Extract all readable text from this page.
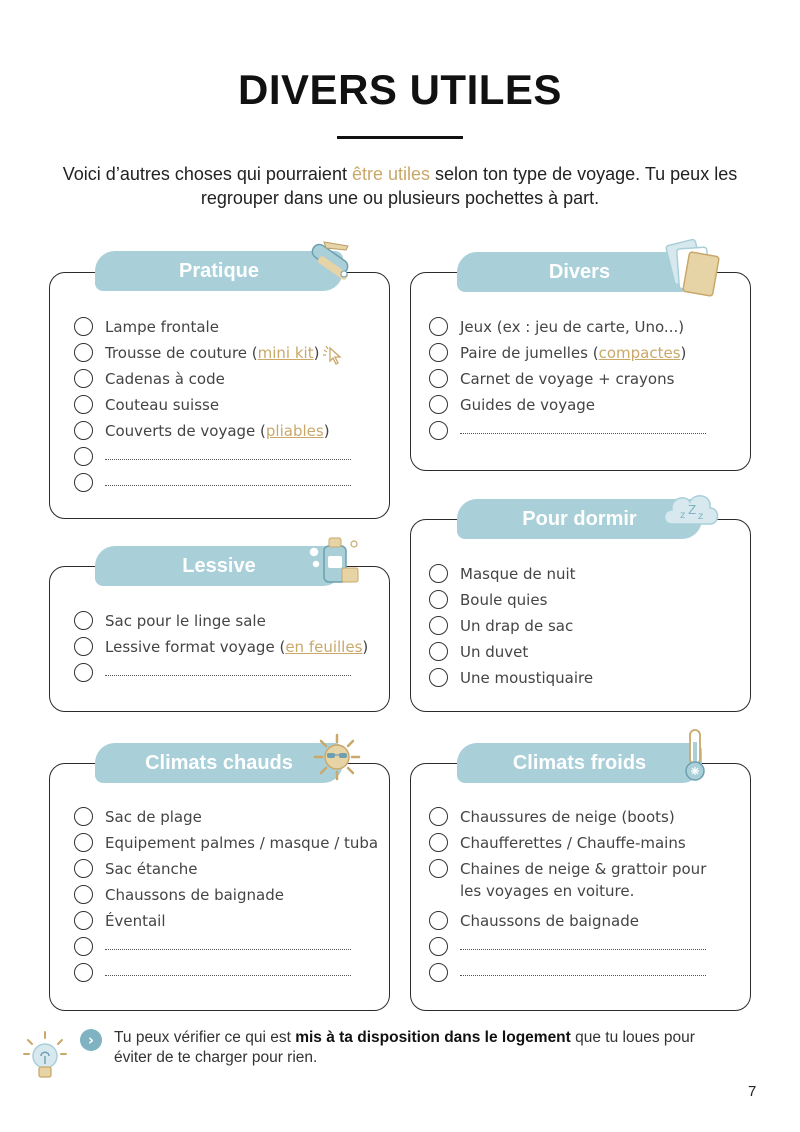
DIVERS UTILES
Voici d’autres choses qui pourraient être utiles selon ton type de voyage. Tu peux les regrouper dans une ou plusieurs pochettes à part.
Pratique
Lampe frontale
Trousse de couture (mini kit)
Cadenas à code
Couteau suisse
Couverts de voyage (pliables)
Divers
Jeux (ex : jeu de carte, Uno...)
Paire de jumelles (compactes)
Carnet de voyage + crayons
Guides de voyage
Pour dormir	z Z z
Masque de nuit
Boule quies
Un drap de sac
Un duvet
Une moustiquaire
Lessive
Sac pour le linge sale
Lessive format voyage (en feuilles)
Climats chauds
Sac de plage
Equipement palmes / masque / tuba
Sac étanche
Chaussons de baignade
Éventail
Climats froids
Chaussures de neige (boots)
Chaufferettes / Chauffe-mains
Chaines de neige & grattoir pour les voyages en voiture.
Chaussons de baignade
›	Tu peux vérifier ce qui est mis à ta disposition dans le logement que tu loues pour éviter de te charger pour rien.
7
